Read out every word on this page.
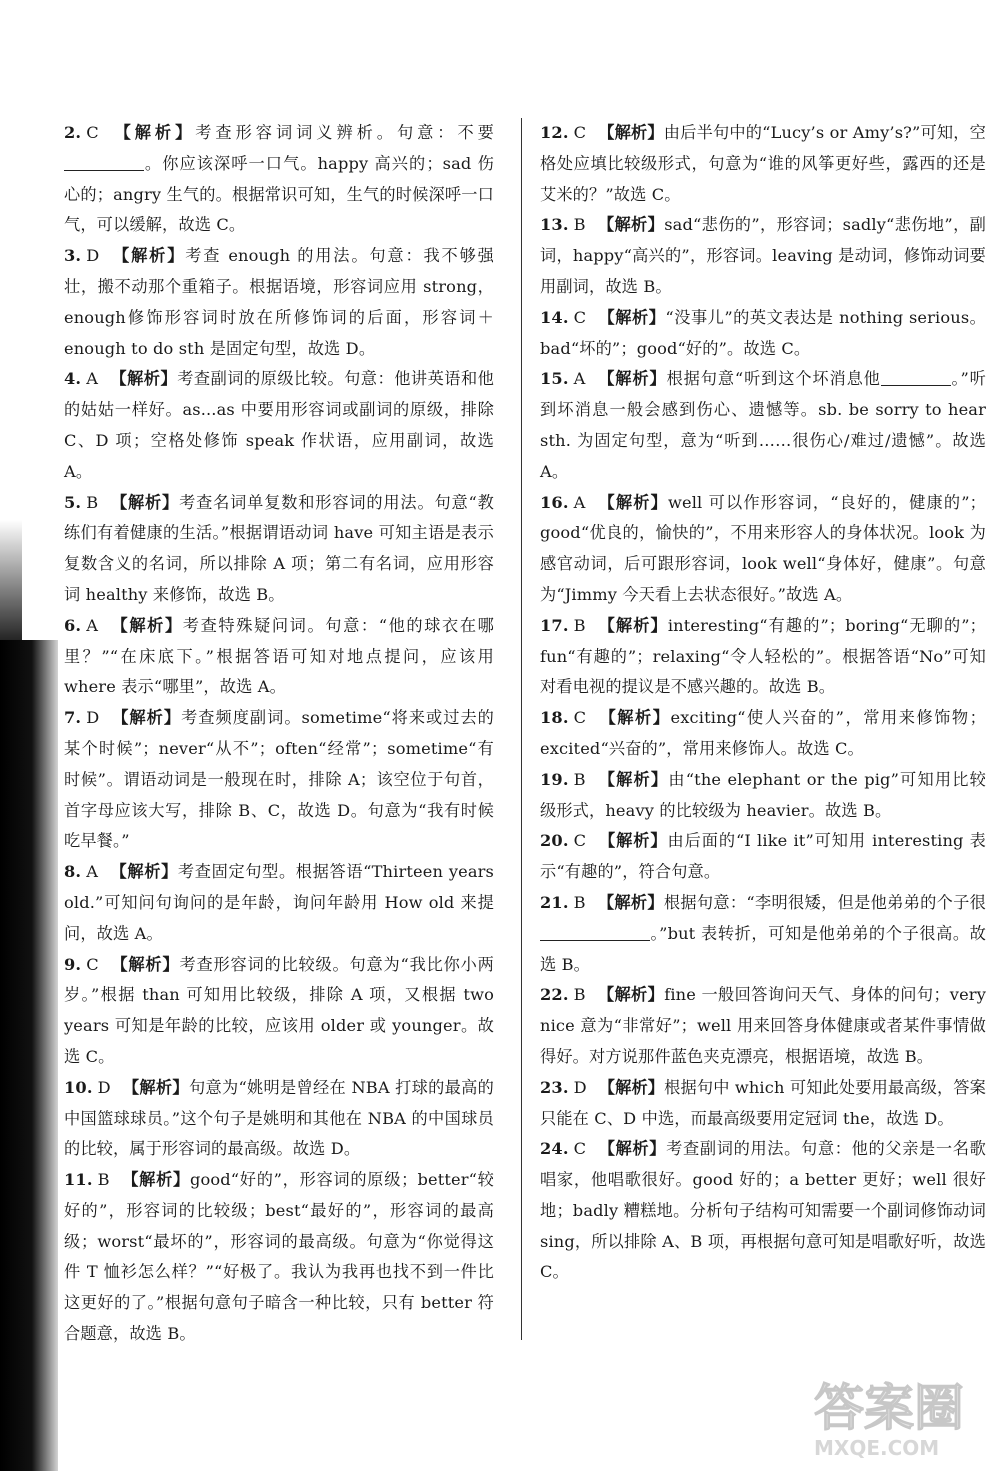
2. C 【解析】考查形容词词义辨析。句意：不要。你应该深呼一口气。happy 高兴的；sad 伤心的；angry 生气的。根据常识可知，生气的时候深呼一口气，可以缓解，故选 C。

3. D 【解析】考查 enough 的用法。句意：我不够强壮，搬不动那个重箱子。根据语境，形容词应用 strong，enough修饰形容词时放在所修饰词的后面，形容词＋enough to do sth 是固定句型，故选 D。

4. A 【解析】考查副词的原级比较。句意：他讲英语和他的姑姑一样好。as...as 中要用形容词或副词的原级，排除 C、D 项；空格处修饰 speak 作状语，应用副词，故选 A。

5. B 【解析】考查名词单复数和形容词的用法。句意“教练们有着健康的生活。”根据谓语动词 have 可知主语是表示复数含义的名词，所以排除 A 项；第二有名词，应用形容词 healthy 来修饰，故选 B。

6. A 【解析】考查特殊疑问词。句意：“他的球衣在哪里？”“在床底下。”根据答语可知对地点提问，应该用 where 表示“哪里”，故选 A。

7. D 【解析】考查频度副词。sometime“将来或过去的某个时候”；never“从不”；often“经常”；sometime“有时候”。谓语动词是一般现在时，排除 A；该空位于句首，首字母应该大写，排除 B、C，故选 D。句意为“我有时候吃早餐。”

8. A 【解析】考查固定句型。根据答语“Thirteen years old.”可知问句询问的是年龄，询问年龄用 How old 来提问，故选 A。

9. C 【解析】考查形容词的比较级。句意为“我比你小两岁。”根据 than 可知用比较级，排除 A 项，又根据 two years 可知是年龄的比较，应该用 older 或 younger。故选 C。

10. D 【解析】句意为“姚明是曾经在 NBA 打球的最高的中国篮球球员。”这个句子是姚明和其他在 NBA 的中国球员的比较，属于形容词的最高级。故选 D。

11. B 【解析】good“好的”，形容词的原级；better“较好的”，形容词的比较级；best“最好的”，形容词的最高级；worst“最坏的”，形容词的最高级。句意为“你觉得这件 T 恤衫怎么样？”“好极了。我认为我再也找不到一件比这更好的了。”根据句意句子暗含一种比较，只有 better 符合题意，故选 B。

12. C 【解析】由后半句中的“Lucy’s or Amy’s?”可知，空格处应填比较级形式，句意为“谁的风筝更好些，露西的还是艾米的？”故选 C。

13. B 【解析】sad“悲伤的”，形容词；sadly“悲伤地”，副词，happy“高兴的”，形容词。leaving 是动词，修饰动词要用副词，故选 B。

14. C 【解析】“没事儿”的英文表达是 nothing serious。bad“坏的”；good“好的”。故选 C。

15. A 【解析】根据句意“听到这个坏消息他	。”听到坏消息一般会感到伤心、遗憾等。sb. be sorry to hear sth. 为固定句型，意为“听到……很伤心/难过/遗憾”。故选 A。

16. A 【解析】well 可以作形容词，“良好的，健康的”；good“优良的，愉快的”，不用来形容人的身体状况。look 为感官动词，后可跟形容词，look well“身体好，健康”。句意为“Jimmy 今天看上去状态很好。”故选 A。

17. B 【解析】interesting“有趣的”；boring“无聊的”；fun“有趣的”；relaxing“令人轻松的”。根据答语“No”可知对看电视的提议是不感兴趣的。故选 B。

18. C 【解析】exciting“使人兴奋的”，常用来修饰物；excited“兴奋的”，常用来修饰人。故选 C。

19. B 【解析】由“the elephant or the pig”可知用比较级形式，heavy 的比较级为 heavier。故选 B。

20. C 【解析】由后面的“I like it”可知用 interesting 表示“有趣的”，符合句意。

21. B 【解析】根据句意：“李明很矮，但是他弟弟的个子很。”but 表转折，可知是他弟弟的个子很高。故选 B。

22. B 【解析】fine 一般回答询问天气、身体的问句；very nice 意为“非常好”；well 用来回答身体健康或者某件事情做得好。对方说那件蓝色夹克漂亮，根据语境，故选 B。

23. D 【解析】根据句中 which 可知此处要用最高级，答案只能在 C、D 中选，而最高级要用定冠词 the，故选 D。

24. C 【解析】考查副词的用法。句意：他的父亲是一名歌唱家，他唱歌很好。good 好的；a better 更好；well 很好地；badly 糟糕地。分析句子结构可知需要一个副词修饰动词 sing，所以排除 A、B 项，再根据句意可知是唱歌好听，故选 C。

答案圈
MXQE.COM
